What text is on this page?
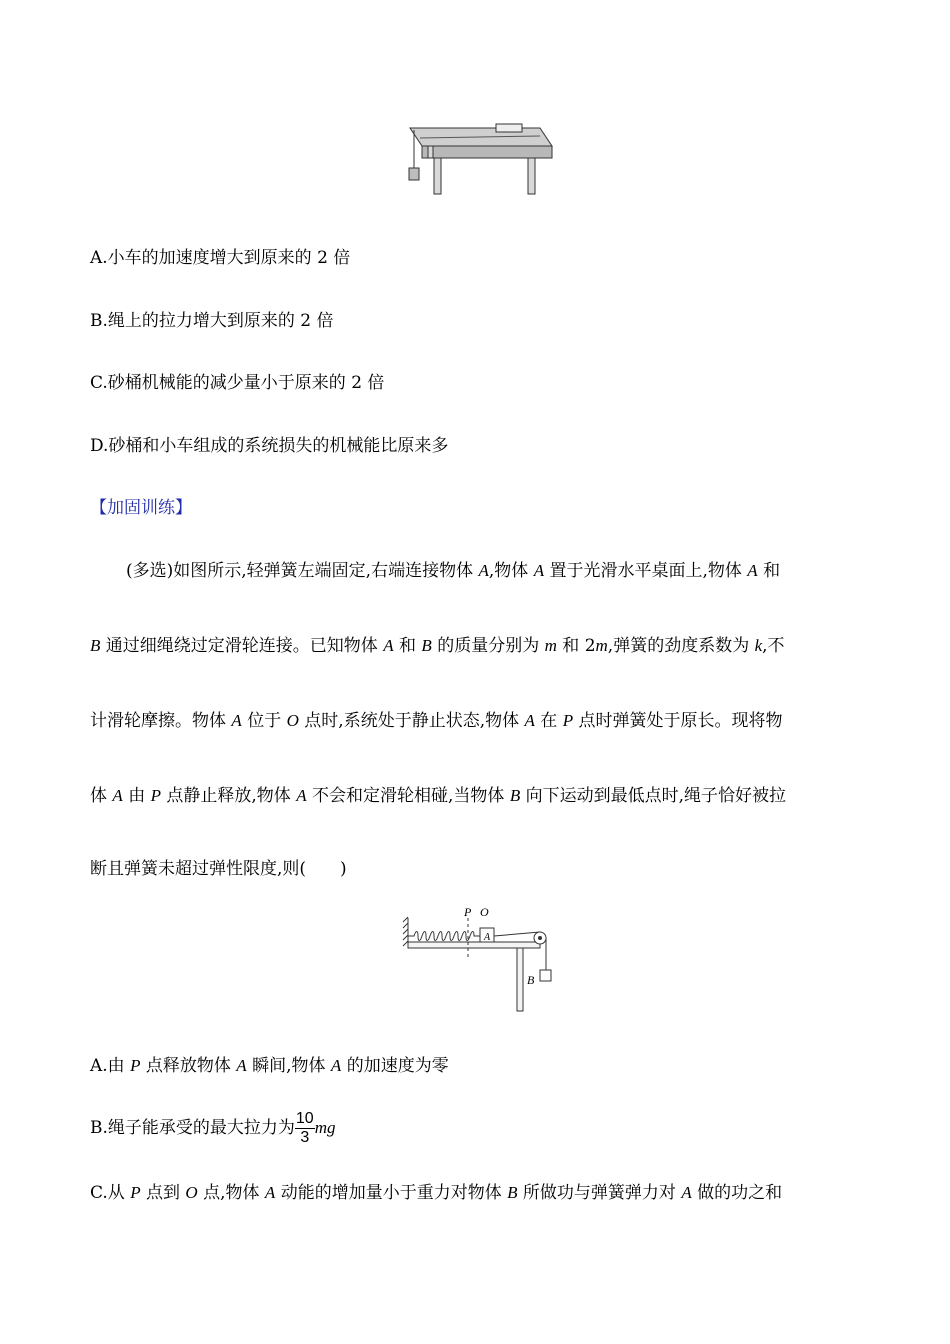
A.小车的加速度增大到原来的 2 倍
B.绳上的拉力增大到原来的 2 倍
C.砂桶机械能的减少量小于原来的 2 倍
D.砂桶和小车组成的系统损失的机械能比原来多
【加固训练】
(多选)如图所示,轻弹簧左端固定,右端连接物体 A,物体 A 置于光滑水平桌面上,物体 A 和
B 通过细绳绕过定滑轮连接。已知物体 A 和 B 的质量分别为 m 和 2m,弹簧的劲度系数为 k,不
计滑轮摩擦。物体 A 位于 O 点时,系统处于静止状态,物体 A 在 P 点时弹簧处于原长。现将物
体 A 由 P 点静止释放,物体 A 不会和定滑轮相碰,当物体 B 向下运动到最低点时,绳子恰好被拉
断且弹簧未超过弹性限度,则(　　)
P O
A
B
A.由 P 点释放物体 A 瞬间,物体 A 的加速度为零
B.绳子能承受的最大拉力为 $\frac{10}{3}$ mg
C.从 P 点到 O 点,物体 A 动能的增加量小于重力对物体 B 所做功与弹簧弹力对 A 做的功之和
